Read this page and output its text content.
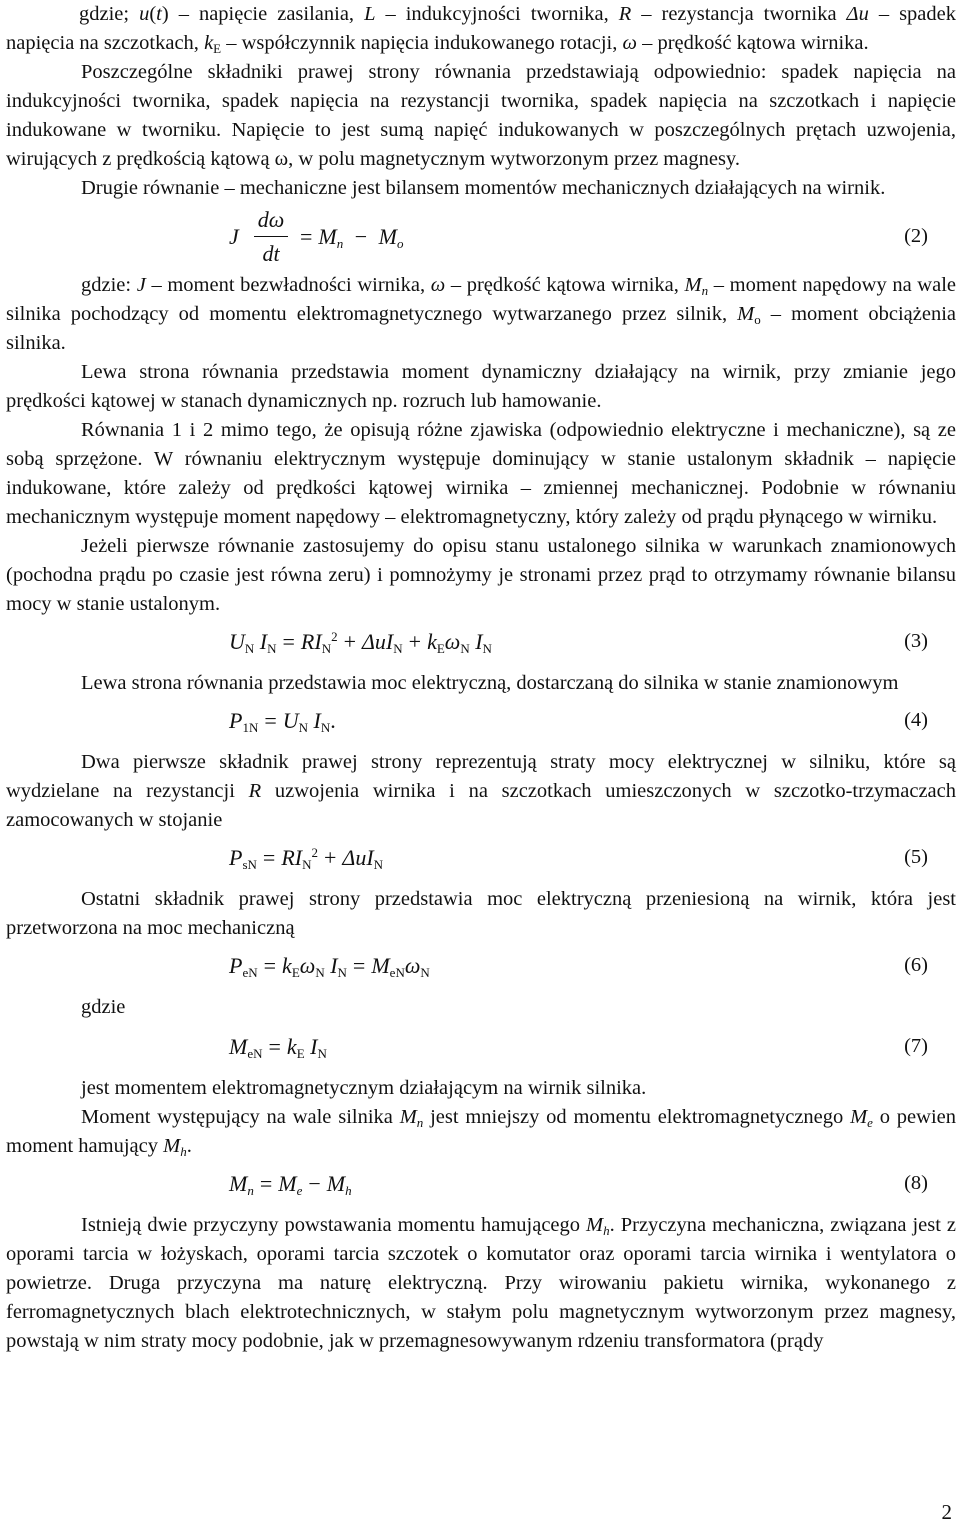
gdzie; u(t) – napięcie zasilania, L – indukcyjności twornika, R – rezystancja twornika Δu – spadek napięcia na szczotkach, $k_E$ – współczynnik napięcia indukowanego rotacji, ω – prędkość kątowa wirnika.

Poszczególne składniki prawej strony równania przedstawiają odpowiednio: spadek napięcia na indukcyjności twornika, spadek napięcia na rezystancji twornika, spadek napięcia na szczotkach i napięcie indukowane w tworniku. Napięcie to jest sumą napięć indukowanych w poszczególnych prętach uzwojenia, wirujących z prędkością kątową ω, w polu magnetycznym wytworzonym przez magnesy.

Drugie równanie – mechaniczne jest bilansem momentów mechanicznych działających na wirnik.

J
dω
dt
= $M_n - M_o$	(2)

gdzie: J – moment bezwładności wirnika, ω – prędkość kątowa wirnika, $M_n$ – moment napędowy na wale silnika pochodzący od momentu elektromagnetycznego wytwarzanego przez silnik, $M_o$ – moment obciążenia silnika.

Lewa strona równania przedstawia moment dynamiczny działający na wirnik, przy zmianie jego prędkości kątowej w stanach dynamicznych np. rozruch lub hamowanie.

Równania 1 i 2 mimo tego, że opisują różne zjawiska (odpowiednio elektryczne i mechaniczne), są ze sobą sprzężone. W równaniu elektrycznym występuje dominujący w stanie ustalonym składnik – napięcie indukowane, które zależy od prędkości kątowej wirnika – zmiennej mechanicznej. Podobnie w równaniu mechanicznym występuje moment napędowy – elektromagnetyczny, który zależy od prądu płynącego w wirniku.

Jeżeli pierwsze równanie zastosujemy do opisu stanu ustalonego silnika w warunkach znamionowych (pochodna prądu po czasie jest równa zeru) i pomnożymy je stronami przez prąd to otrzymamy równanie bilansu mocy w stanie ustalonym.

$U_N$ $I_N = RI_N^2 + \Delta uI_N + k_E\omega_N$ $I_N$	(3)

Lewa strona równania przedstawia moc elektryczną, dostarczaną do silnika w stanie znamionowym

$P_{1N} = U_N$ $I_N$.	(4)

Dwa pierwsze składnik prawej strony reprezentują straty mocy elektrycznej w silniku, które są wydzielane na rezystancji R uzwojenia wirnika i na szczotkach umieszczonych w szczotko-trzymaczach zamocowanych w stojanie

$P_{sN} = RI_N^2 + \Delta uI_N$	(5)

Ostatni składnik prawej strony przedstawia moc elektryczną przeniesioną na wirnik, która jest przetworzona na moc mechaniczną

$P_{eN} = k_E\omega_N$ $I_N = M_{eN}\omega_N$	(6)

gdzie

$M_{eN} = k_E$ $I_N$	(7)

jest momentem elektromagnetycznym działającym na wirnik silnika.

Moment występujący na wale silnika $M_n$ jest mniejszy od momentu elektromagnetycznego $M_e$ o pewien moment hamujący $M_h$.

$M_n = M_e - M_h$	(8)

Istnieją dwie przyczyny powstawania momentu hamującego $M_h$. Przyczyna mechaniczna, związana jest z oporami tarcia w łożyskach, oporami tarcia szczotek o komutator oraz oporami tarcia wirnika i wentylatora o powietrze. Druga przyczyna ma naturę elektryczną. Przy wirowaniu pakietu wirnika, wykonanego z ferromagnetycznych blach elektrotechnicznych, w stałym polu magnetycznym wytworzonym przez magnesy, powstają w nim straty mocy podobnie, jak w przemagnesowywanym rdzeniu transformatora (prądy

2
